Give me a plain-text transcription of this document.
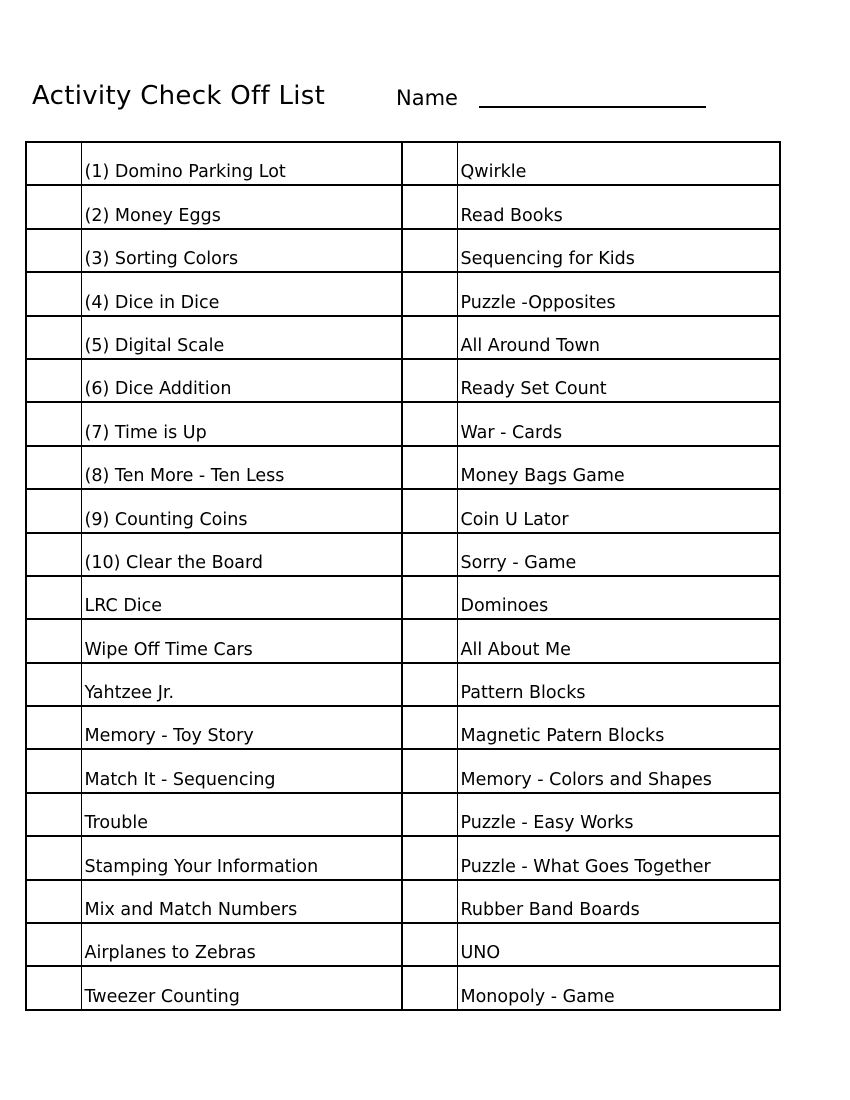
Activity Check Off List	Name
	(1) Domino Parking Lot		Qwirkle
	(2) Money Eggs		Read Books
	(3) Sorting Colors		Sequencing for Kids
	(4) Dice in Dice		Puzzle -Opposites
	(5) Digital Scale		All Around Town
	(6) Dice Addition		Ready Set Count
	(7) Time is Up		War - Cards
	(8) Ten More - Ten Less		Money Bags Game
	(9) Counting Coins		Coin U Lator
	(10) Clear the Board		Sorry - Game
	LRC Dice		Dominoes
	Wipe Off Time Cars		All About Me
	Yahtzee Jr.		Pattern Blocks
	Memory - Toy Story		Magnetic Patern Blocks
	Match It - Sequencing		Memory - Colors and Shapes
	Trouble		Puzzle - Easy Works
	Stamping Your Information		Puzzle - What Goes Together
	Mix and Match Numbers		Rubber Band Boards
	Airplanes to Zebras		UNO
	Tweezer Counting		Monopoly - Game
